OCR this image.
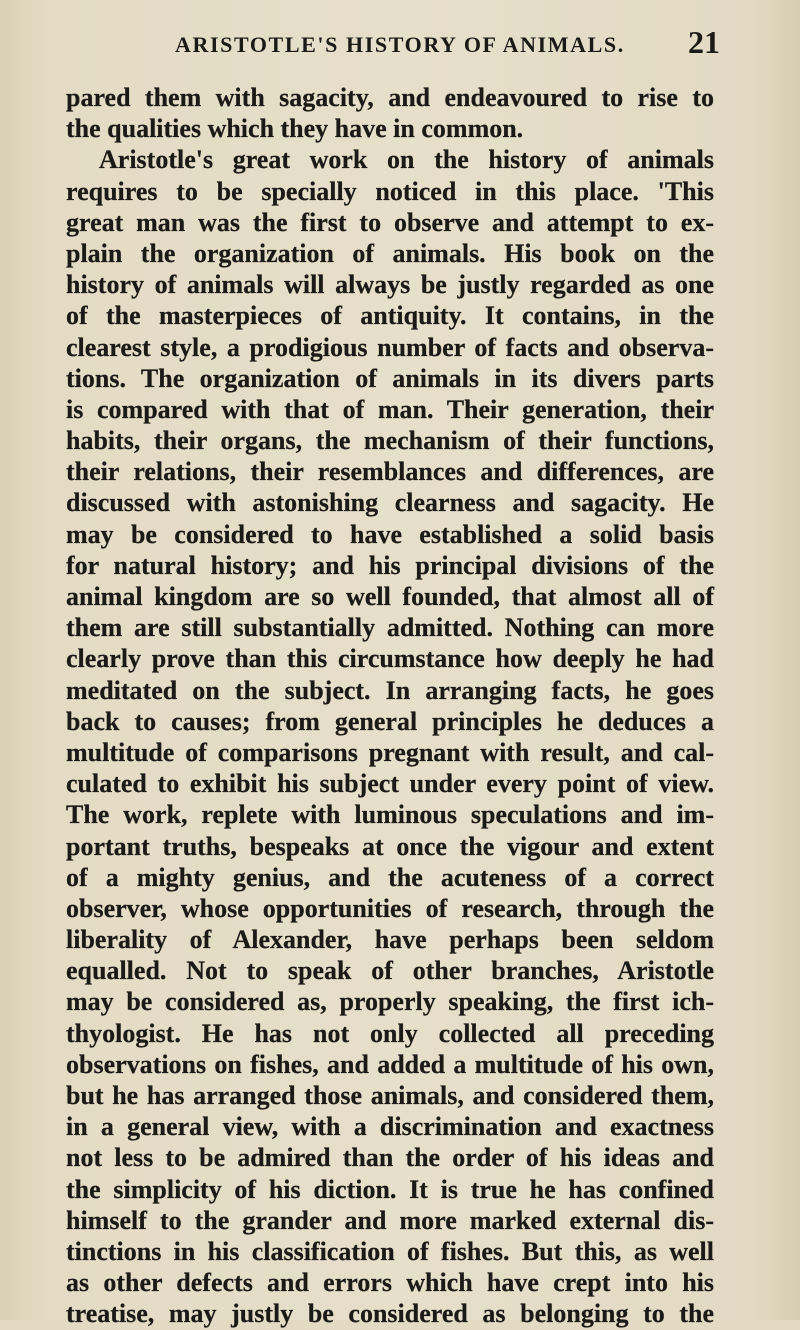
ARISTOTLE'S HISTORY OF ANIMALS. 21
pared them with sagacity, and endeavoured to rise to
the qualities which they have in common.
Aristotle's great work on the history of animals
requires to be specially noticed in this place. 'This
great man was the first to observe and attempt to ex-
plain the organization of animals. His book on the
history of animals will always be justly regarded as one
of the masterpieces of antiquity. It contains, in the
clearest style, a prodigious number of facts and observa-
tions. The organization of animals in its divers parts
is compared with that of man. Their generation, their
habits, their organs, the mechanism of their functions,
their relations, their resemblances and differences, are
discussed with astonishing clearness and sagacity. He
may be considered to have established a solid basis
for natural history; and his principal divisions of the
animal kingdom are so well founded, that almost all of
them are still substantially admitted. Nothing can more
clearly prove than this circumstance how deeply he had
meditated on the subject. In arranging facts, he goes
back to causes; from general principles he deduces a
multitude of comparisons pregnant with result, and cal-
culated to exhibit his subject under every point of view.
The work, replete with luminous speculations and im-
portant truths, bespeaks at once the vigour and extent
of a mighty genius, and the acuteness of a correct
observer, whose opportunities of research, through the
liberality of Alexander, have perhaps been seldom
equalled. Not to speak of other branches, Aristotle
may be considered as, properly speaking, the first ich-
thyologist. He has not only collected all preceding
observations on fishes, and added a multitude of his own,
but he has arranged those animals, and considered them,
in a general view, with a discrimination and exactness
not less to be admired than the order of his ideas and
the simplicity of his diction. It is true he has confined
himself to the grander and more marked external dis-
tinctions in his classification of fishes. But this, as well
as other defects and errors which have crept into his
treatise, may justly be considered as belonging to the
